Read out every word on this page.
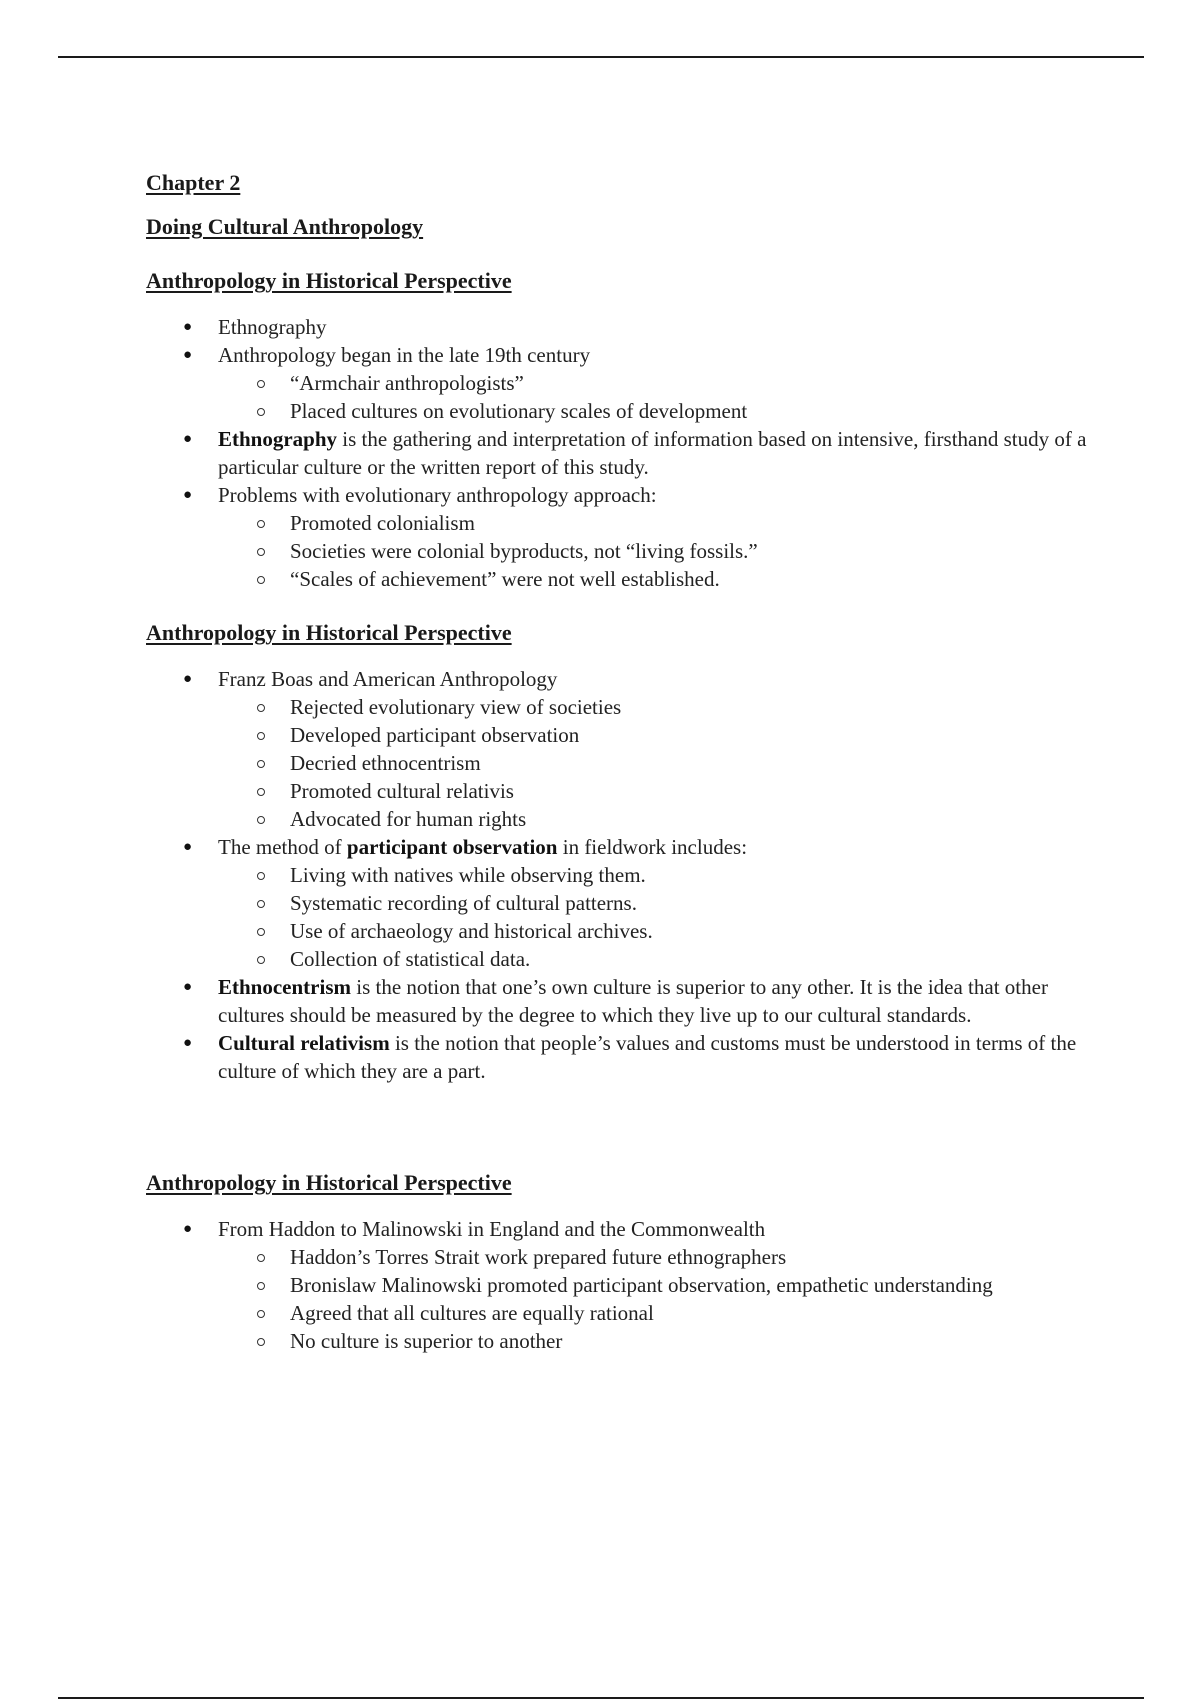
Chapter 2
Doing Cultural Anthropology
Anthropology in Historical Perspective
● Ethnography
● Anthropology began in the late 19th century
“Armchair anthropologists”
Placed cultures on evolutionary scales of development
● Ethnography is the gathering and interpretation of information based on intensive, firsthand study of a particular culture or the written report of this study.
● Problems with evolutionary anthropology approach:
Promoted colonialism
Societies were colonial byproducts, not “living fossils.”
“Scales of achievement” were not well established.
Anthropology in Historical Perspective
● Franz Boas and American Anthropology
Rejected evolutionary view of societies
Developed participant observation
Decried ethnocentrism
Promoted cultural relativis
Advocated for human rights
● The method of participant observation in fieldwork includes:
Living with natives while observing them.
Systematic recording of cultural patterns.
Use of archaeology and historical archives.
Collection of statistical data.
● Ethnocentrism is the notion that one’s own culture is superior to any other. It is the idea that other cultures should be measured by the degree to which they live up to our cultural standards.
● Cultural relativism is the notion that people’s values and customs must be understood in terms of the culture of which they are a part.
Anthropology in Historical Perspective
● From Haddon to Malinowski in England and the Commonwealth
Haddon’s Torres Strait work prepared future ethnographers
Bronislaw Malinowski promoted participant observation, empathetic understanding
Agreed that all cultures are equally rational
No culture is superior to another
